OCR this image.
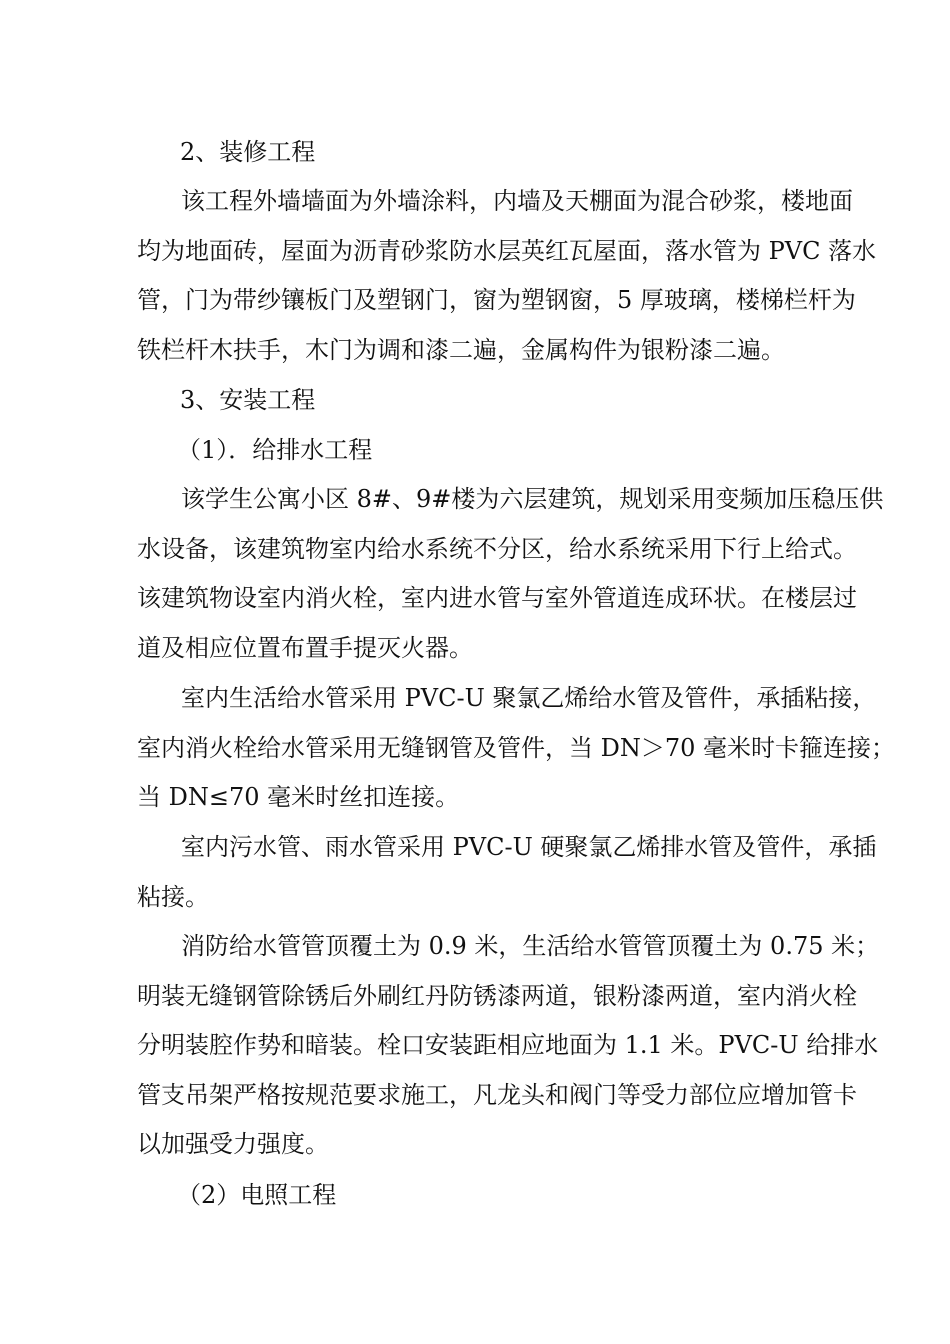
2、装修工程
该工程外墙墙面为外墙涂料，内墙及天棚面为混合砂浆，楼地面
均为地面砖，屋面为沥青砂浆防水层英红瓦屋面，落水管为 PVC 落水
管，门为带纱镶板门及塑钢门，窗为塑钢窗，5 厚玻璃，楼梯栏杆为
铁栏杆木扶手，木门为调和漆二遍，金属构件为银粉漆二遍。
3、安装工程
（1）．给排水工程
该学生公寓小区 8#、9#楼为六层建筑，规划采用变频加压稳压供
水设备，该建筑物室内给水系统不分区，给水系统采用下行上给式。
该建筑物设室内消火栓，室内进水管与室外管道连成环状。在楼层过
道及相应位置布置手提灭火器。
室内生活给水管采用 PVC-U 聚氯乙烯给水管及管件，承插粘接，
室内消火栓给水管采用无缝钢管及管件，当 DN＞70 毫米时卡箍连接；
当 DN≤70 毫米时丝扣连接。
室内污水管、雨水管采用 PVC-U 硬聚氯乙烯排水管及管件，承插
粘接。
消防给水管管顶覆土为 0.9 米，生活给水管管顶覆土为 0.75 米；
明装无缝钢管除锈后外刷红丹防锈漆两道，银粉漆两道，室内消火栓
分明装腔作势和暗装。栓口安装距相应地面为 1.1 米。PVC-U 给排水
管支吊架严格按规范要求施工，凡龙头和阀门等受力部位应增加管卡
以加强受力强度。
（2）电照工程
